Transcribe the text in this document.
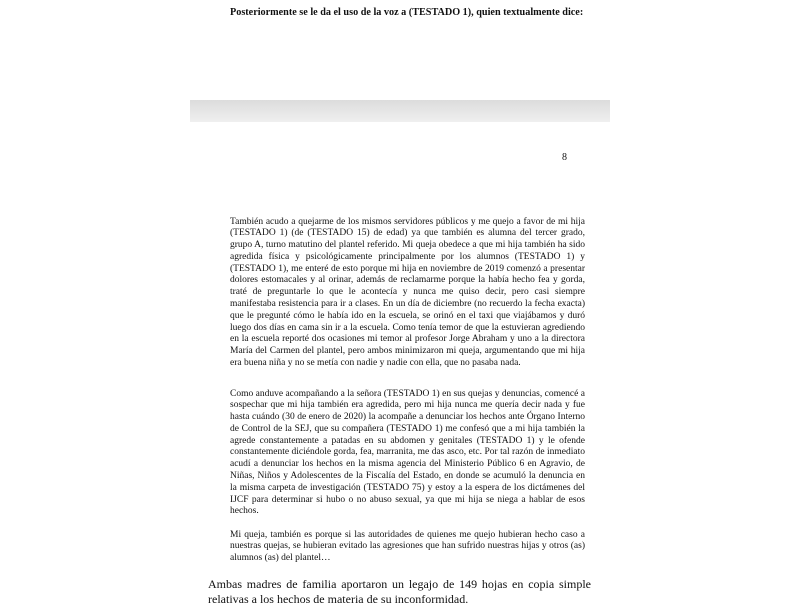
Posteriormente se le da el uso de la voz a (TESTADO 1), quien textualmente dice:
8

También acudo a quejarme de los mismos servidores públicos y me quejo a favor de mi hija (TESTADO 1) (de (TESTADO 15) de edad) ya que también es alumna del tercer grado, grupo A, turno matutino del plantel referido. Mi queja obedece a que mi hija también ha sido agredida física y psicológicamente principalmente por los alumnos (TESTADO 1) y (TESTADO 1), me enteré de esto porque mi hija en noviembre de 2019 comenzó a presentar dolores estomacales y al orinar, además de reclamarme porque la había hecho fea y gorda, traté de preguntarle lo que le acontecía y nunca me quiso decir, pero casi siempre manifestaba resistencia para ir a clases. En un día de diciembre (no recuerdo la fecha exacta) que le pregunté cómo le había ido en la escuela, se orinó en el taxi que viajábamos y duró luego dos días en cama sin ir a la escuela. Como tenía temor de que la estuvieran agrediendo en la escuela reporté dos ocasiones mi temor al profesor Jorge Abraham y uno a la directora María del Carmen del plantel, pero ambos minimizaron mi queja, argumentando que mi hija era buena niña y no se metía con nadie y nadie con ella, que no pasaba nada.

Como anduve acompañando a la señora (TESTADO 1) en sus quejas y denuncias, comencé a sospechar que mi hija también era agredida, pero mi hija nunca me quería decir nada y fue hasta cuándo (30 de enero de 2020) la acompañe a denunciar los hechos ante Órgano Interno de Control de la SEJ, que su compañera (TESTADO 1) me confesó que a mi hija también la agrede constantemente a patadas en su abdomen y genitales (TESTADO 1) y le ofende constantemente diciéndole gorda, fea, marranita, me das asco, etc. Por tal razón de inmediato acudí a denunciar los hechos en la misma agencia del Ministerio Público 6 en Agravio, de Niñas, Niños y Adolescentes de la Fiscalía del Estado, en donde se acumuló la denuncia en la misma carpeta de investigación (TESTADO 75) y estoy a la espera de los dictámenes del IJCF para determinar si hubo o no abuso sexual, ya que mi hija se niega a hablar de esos hechos.

Mi queja, también es porque si las autoridades de quienes me quejo hubieran hecho caso a nuestras quejas, se hubieran evitado las agresiones que han sufrido nuestras hijas y otros (as) alumnos (as) del plantel…

Ambas madres de familia aportaron un legajo de 149 hojas en copia simple relativas a los hechos de materia de su inconformidad.
